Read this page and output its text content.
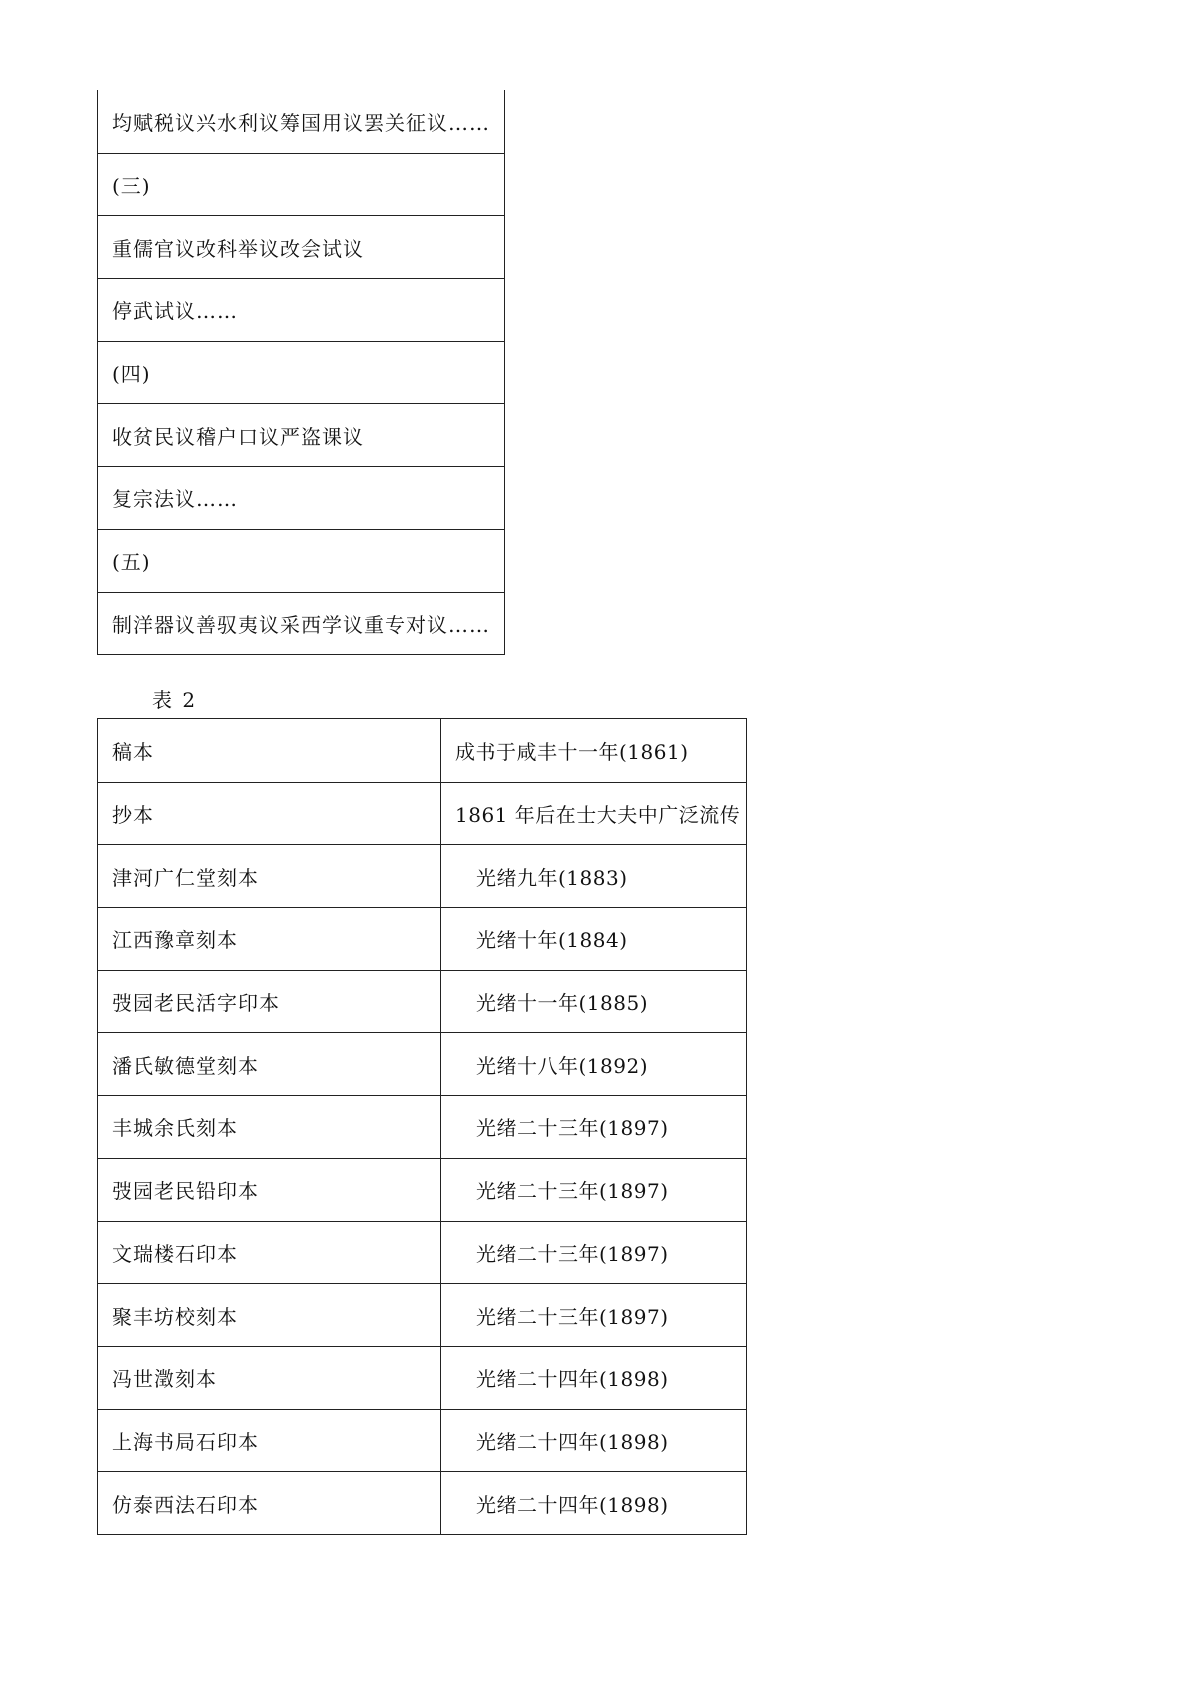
均赋税议兴水利议筹国用议罢关征议……
(三)
重儒官议改科举议改会试议
停武试议……
(四)
收贫民议稽户口议严盗课议
复宗法议……
(五)
制洋器议善驭夷议采西学议重专对议……
表 2
稿本	成书于咸丰十一年(1861)
抄本	1861 年后在士大夫中广泛流传
津河广仁堂刻本	光绪九年(1883)
江西豫章刻本	光绪十年(1884)
弢园老民活字印本	光绪十一年(1885)
潘氏敏德堂刻本	光绪十八年(1892)
丰城余氏刻本	光绪二十三年(1897)
弢园老民铅印本	光绪二十三年(1897)
文瑞楼石印本	光绪二十三年(1897)
聚丰坊校刻本	光绪二十三年(1897)
冯世澂刻本	光绪二十四年(1898)
上海书局石印本	光绪二十四年(1898)
仿泰西法石印本	光绪二十四年(1898)
